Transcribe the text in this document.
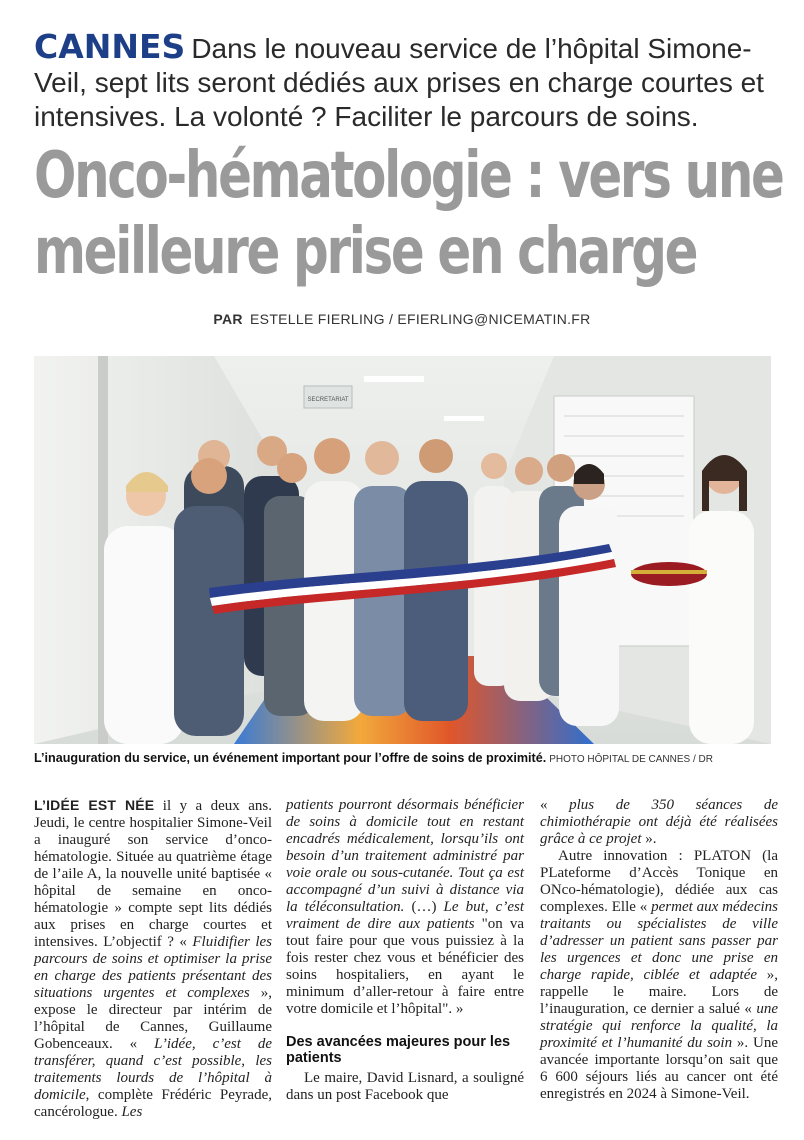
CANNES Dans le nouveau service de l’hôpital Simone-Veil, sept lits seront dédiés aux prises en charge courtes et intensives. La volonté ? Faciliter le parcours de soins.
Onco-hématologie : vers une
meilleure prise en charge
PAR ESTELLE FIERLING / EFIERLING@NICEMATIN.FR
SECRETARIAT
L’inauguration du service, un événement important pour l’offre de soins de proximité. PHOTO HÔPITAL DE CANNES / DR

L’IDÉE EST NÉE il y a deux ans. Jeudi, le centre hospitalier Simone-Veil a inauguré son service d’onco-hématologie. Située au quatrième étage de l’aile A, la nouvelle unité baptisée « hôpital de semaine en onco-hématologie » compte sept lits dédiés aux prises en charge courtes et intensives. L’objectif ? « Fluidifier les parcours de soins et optimiser la prise en charge des patients présentant des situations urgentes et complexes », expose le directeur par intérim de l’hôpital de Cannes, Guillaume Gobenceaux. « L’idée, c’est de transférer, quand c’est possible, les traitements lourds de l’hôpital à domicile, complète Frédéric Peyrade, cancérologue. Les

patients pourront désormais bénéficier de soins à domicile tout en restant encadrés médicalement, lorsqu’ils ont besoin d’un traitement administré par voie orale ou sous-cutanée. Tout ça est accompagné d’un suivi à distance via la téléconsultation. (…) Le but, c’est vraiment de dire aux patients "on va tout faire pour que vous puissiez à la fois rester chez vous et bénéficier des soins hospitaliers, en ayant le minimum d’aller-retour à faire entre votre domicile et l’hôpital". »

Des avancées majeures pour les patients

Le maire, David Lisnard, a souligné dans un post Facebook que

« plus de 350 séances de chimiothérapie ont déjà été réalisées grâce à ce projet ».

Autre innovation : PLATON (la PLateforme d’Accès Tonique en ONco-hématologie), dédiée aux cas complexes. Elle « permet aux médecins traitants ou spécialistes de ville d’adresser un patient sans passer par les urgences et donc une prise en charge rapide, ciblée et adaptée », rappelle le maire. Lors de l’inauguration, ce dernier a salué « une stratégie qui renforce la qualité, la proximité et l’humanité du soin ». Une avancée importante lorsqu’on sait que 6 600 séjours liés au cancer ont été enregistrés en 2024 à Simone-Veil.
